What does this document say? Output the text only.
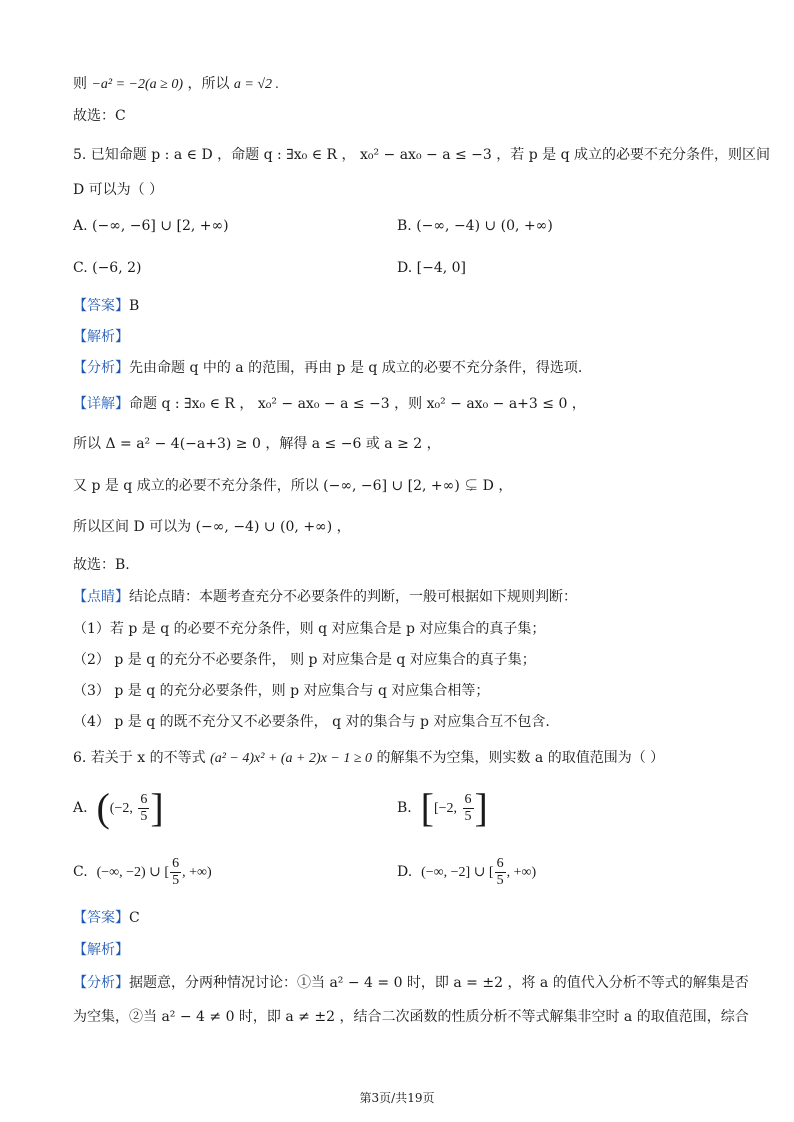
则 −a² = −2(a ≥ 0) ，所以 a = √2 .
故选：C
5. 已知命题 p : a ∈ D ，命题 q : ∃x₀ ∈ R ， x₀² − ax₀ − a ≤ −3 ，若 p 是 q 成立的必要不充分条件，则区间
D 可以为（ ）
A. (−∞, −6] ∪ [2, +∞)	B. (−∞, −4) ∪ (0, +∞)
C. (−6, 2)	D. [−4, 0]
【答案】B
【解析】
【分析】先由命题 q 中的 a 的范围，再由 p 是 q 成立的必要不充分条件，得选项.
【详解】命题 q : ∃x₀ ∈ R ， x₀² − ax₀ − a ≤ −3 ，则 x₀² − ax₀ − a+3 ≤ 0 ，
所以 Δ = a² − 4(−a+3) ≥ 0 ，解得 a ≤ −6 或 a ≥ 2 ，
又 p 是 q 成立的必要不充分条件，所以 (−∞, −6] ∪ [2, +∞) ⊊ D ，
所以区间 D 可以为 (−∞, −4) ∪ (0, +∞) ，
故选：B.
【点睛】结论点睛：本题考查充分不必要条件的判断，一般可根据如下规则判断：
（1）若 p 是 q 的必要不充分条件，则 q 对应集合是 p 对应集合的真子集；
（2） p 是 q 的充分不必要条件， 则 p 对应集合是 q 对应集合的真子集；
（3） p 是 q 的充分必要条件，则 p 对应集合与 q 对应集合相等；
（4） p 是 q 的既不充分又不必要条件， q 对的集合与 p 对应集合互不包含.
6. 若关于 x 的不等式 (a² − 4)x² + (a + 2)x − 1 ≥ 0 的解集不为空集，则实数 a 的取值范围为（ ）
A. ((−2, $\frac{6}{5}$ ]	B. [[−2, $\frac{6}{5}$ ]
C. (−∞, −2) ∪ [ $\frac{6}{5}$ , +∞)	D. (−∞, −2] ∪ [ $\frac{6}{5}$ , +∞)
【答案】C
【解析】
【分析】据题意，分两种情况讨论：①当 a² − 4 = 0 时，即 a = ±2 ，将 a 的值代入分析不等式的解集是否
为空集，②当 a² − 4 ≠ 0 时，即 a ≠ ±2 ，结合二次函数的性质分析不等式解集非空时 a 的取值范围，综合
第3页/共19页
